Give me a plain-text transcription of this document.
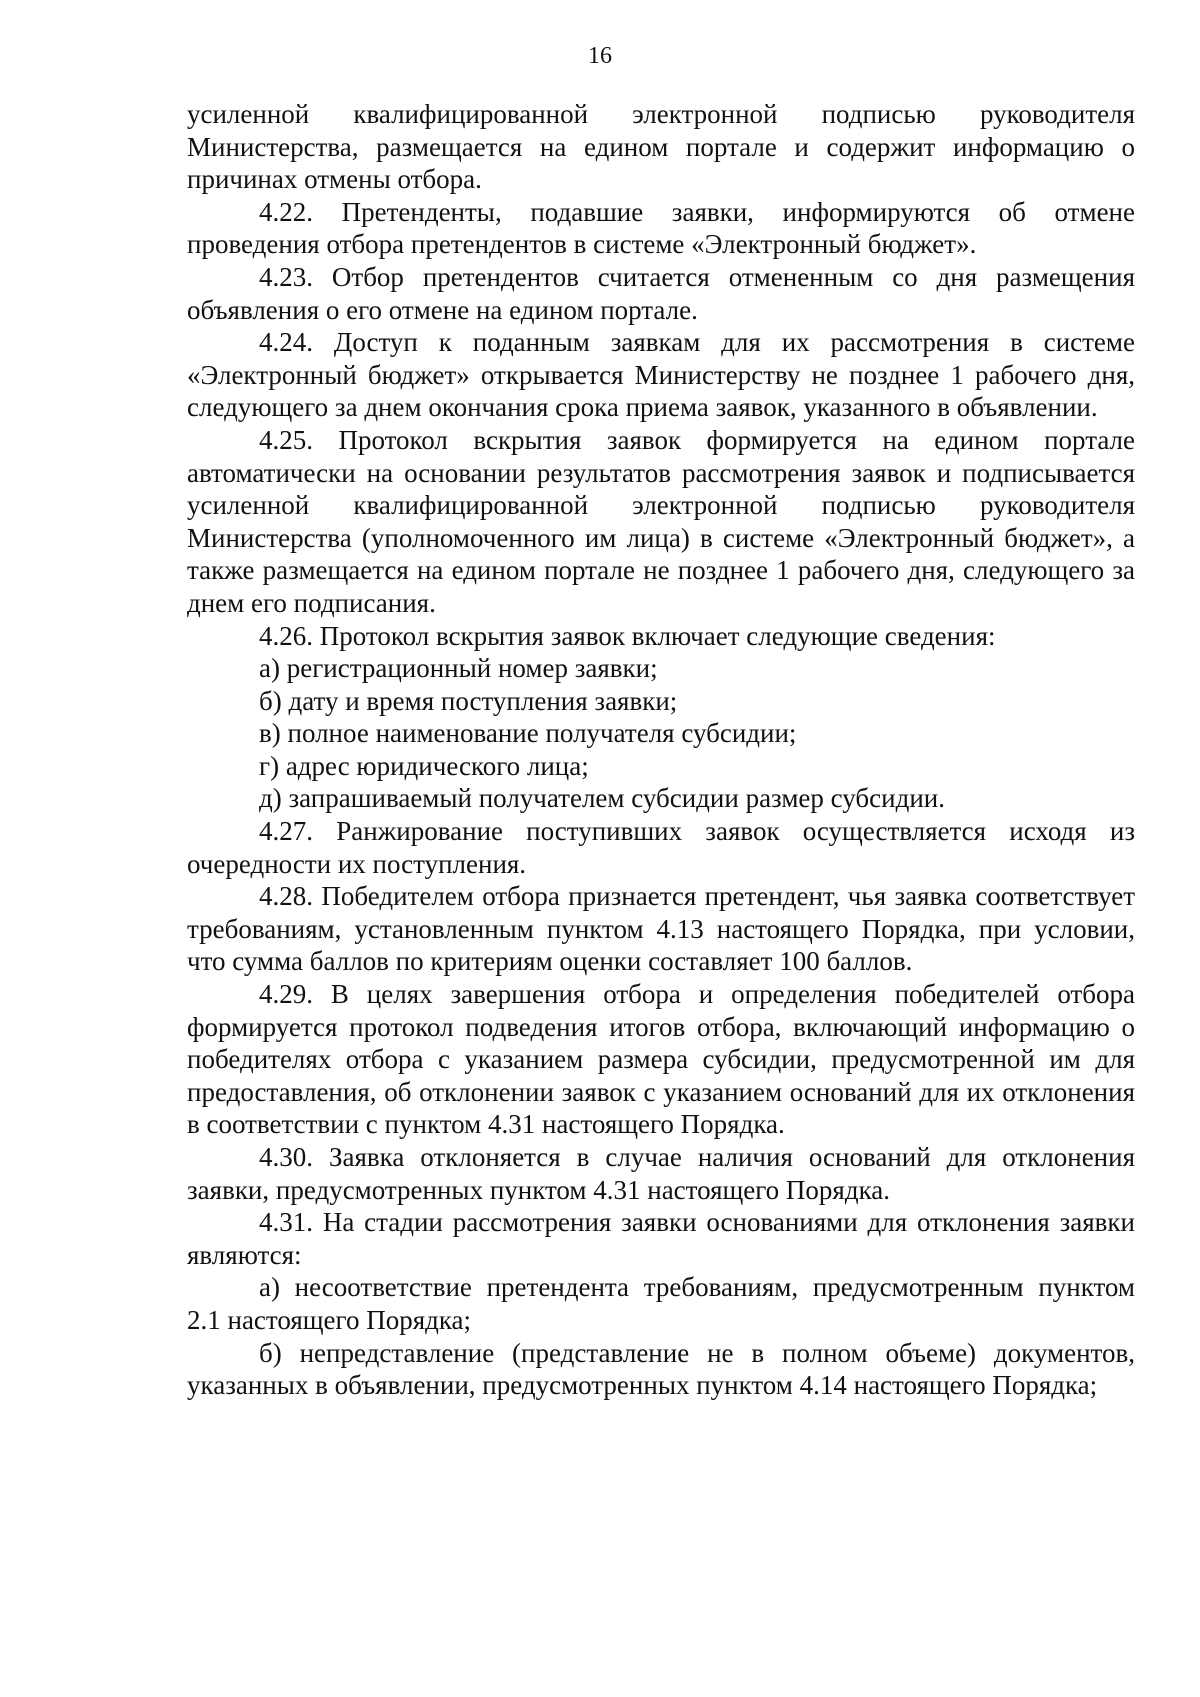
16

усиленной квалифицированной электронной подписью руководителя Министерства, размещается на едином портале и содержит информацию о причинах отмены отбора.

4.22. Претенденты, подавшие заявки, информируются об отмене проведения отбора претендентов в системе «Электронный бюджет».

4.23. Отбор претендентов считается отмененным со дня размещения объявления о его отмене на едином портале.

4.24. Доступ к поданным заявкам для их рассмотрения в системе «Электронный бюджет» открывается Министерству не позднее 1 рабочего дня, следующего за днем окончания срока приема заявок, указанного в объявлении.

4.25. Протокол вскрытия заявок формируется на едином портале автоматически на основании результатов рассмотрения заявок и подписывается усиленной квалифицированной электронной подписью руководителя Министерства (уполномоченного им лица) в системе «Электронный бюджет», а также размещается на едином портале не позднее 1 рабочего дня, следующего за днем его подписания.

4.26. Протокол вскрытия заявок включает следующие сведения:

а) регистрационный номер заявки;

б) дату и время поступления заявки;

в) полное наименование получателя субсидии;

г) адрес юридического лица;

д) запрашиваемый получателем субсидии размер субсидии.

4.27. Ранжирование поступивших заявок осуществляется исходя из очередности их поступления.

4.28. Победителем отбора признается претендент, чья заявка соответствует требованиям, установленным пунктом 4.13 настоящего Порядка, при условии, что сумма баллов по критериям оценки составляет 100 баллов.

4.29. В целях завершения отбора и определения победителей отбора формируется протокол подведения итогов отбора, включающий информацию о победителях отбора с указанием размера субсидии, предусмотренной им для предоставления, об отклонении заявок с указанием оснований для их отклонения в соответствии с пунктом 4.31 настоящего Порядка.

4.30. Заявка отклоняется в случае наличия оснований для отклонения заявки, предусмотренных пунктом 4.31 настоящего Порядка.

4.31. На стадии рассмотрения заявки основаниями для отклонения заявки являются:

а) несоответствие претендента требованиям, предусмотренным пунктом 2.1 настоящего Порядка;

б) непредставление (представление не в полном объеме) документов, указанных в объявлении, предусмотренных пунктом 4.14 настоящего Порядка;
